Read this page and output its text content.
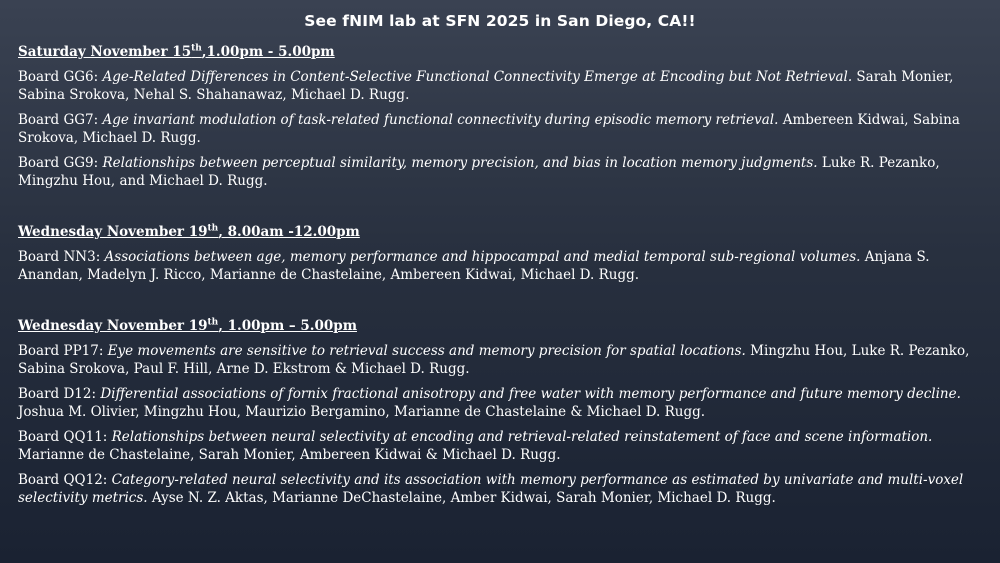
See fNIM lab at SFN 2025 in San Diego, CA!!
Saturday November 15th,1.00pm - 5.00pm
Board GG6: Age-Related Differences in Content-Selective Functional Connectivity Emerge at Encoding but Not Retrieval. Sarah Monier, Sabina Srokova, Nehal S. Shahanawaz, Michael D. Rugg.
Board GG7: Age invariant modulation of task-related functional connectivity during episodic memory retrieval. Ambereen Kidwai, Sabina Srokova, Michael D. Rugg.
Board GG9: Relationships between perceptual similarity, memory precision, and bias in location memory judgments. Luke R. Pezanko, Mingzhu Hou, and Michael D. Rugg.
Wednesday November 19th, 8.00am -12.00pm
Board NN3: Associations between age, memory performance and hippocampal and medial temporal sub-regional volumes. Anjana S. Anandan, Madelyn J. Ricco, Marianne de Chastelaine, Ambereen Kidwai, Michael D. Rugg.
Wednesday November 19th, 1.00pm – 5.00pm
Board PP17: Eye movements are sensitive to retrieval success and memory precision for spatial locations. Mingzhu Hou, Luke R. Pezanko, Sabina Srokova, Paul F. Hill, Arne D. Ekstrom & Michael D. Rugg.
Board D12: Differential associations of fornix fractional anisotropy and free water with memory performance and future memory decline. Joshua M. Olivier, Mingzhu Hou, Maurizio Bergamino, Marianne de Chastelaine & Michael D. Rugg.
Board QQ11: Relationships between neural selectivity at encoding and retrieval-related reinstatement of face and scene information. Marianne de Chastelaine, Sarah Monier, Ambereen Kidwai & Michael D. Rugg.
Board QQ12: Category-related neural selectivity and its association with memory performance as estimated by univariate and multi-voxel selectivity metrics. Ayse N. Z. Aktas, Marianne DeChastelaine, Amber Kidwai, Sarah Monier, Michael D. Rugg.
